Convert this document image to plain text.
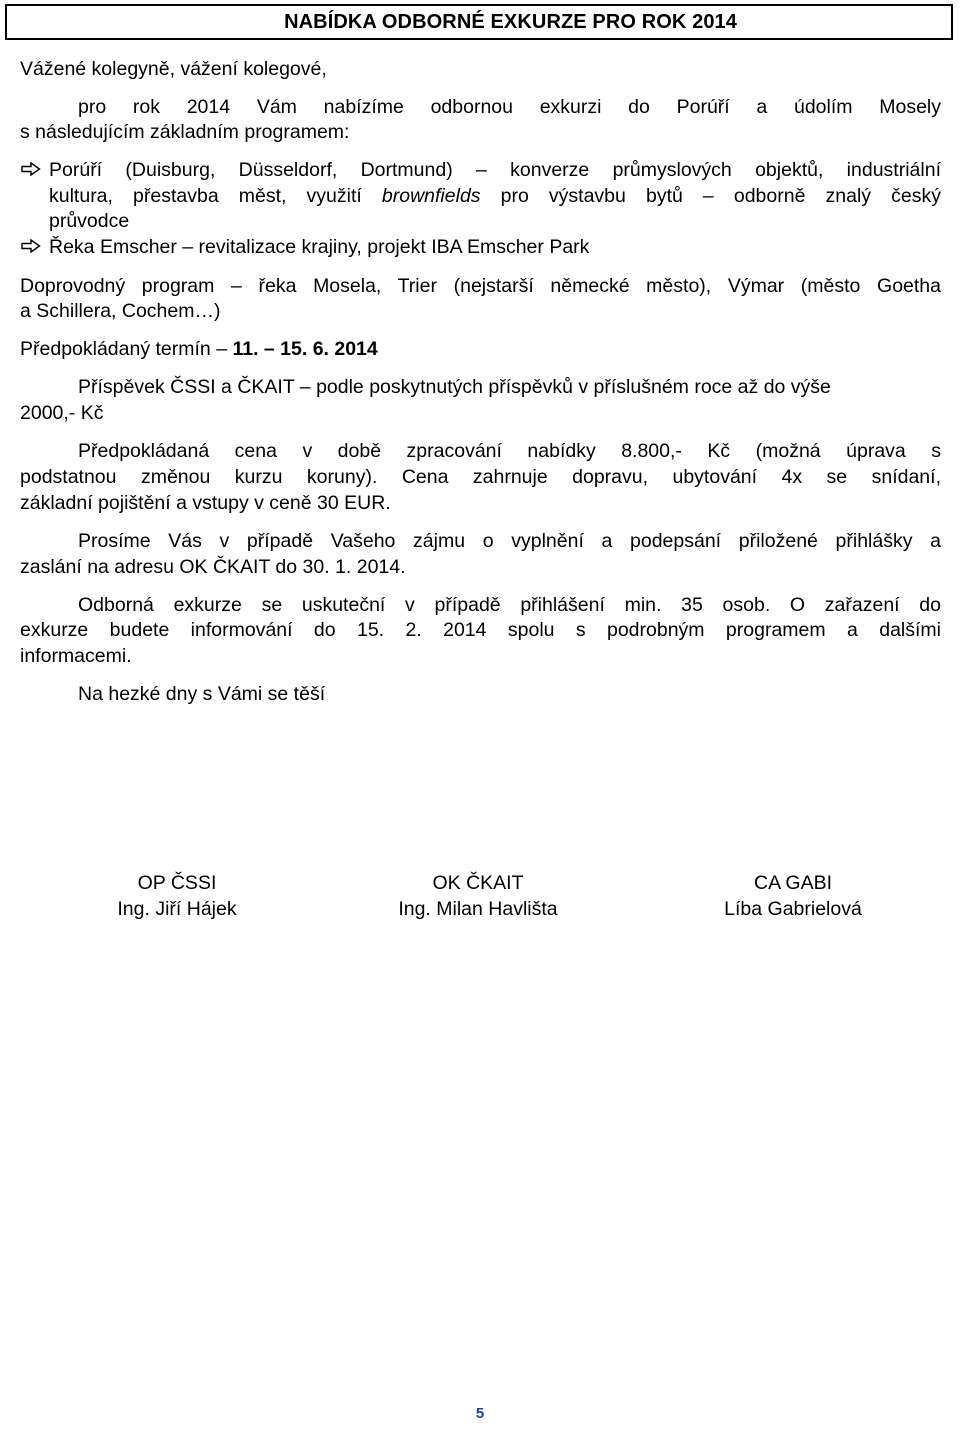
NABÍDKA ODBORNÉ EXKURZE PRO ROK 2014
Vážené kolegyně, vážení kolegové,
pro rok 2014 Vám nabízíme odbornou exkurzi do Porúří a údolím Mosely
s následujícím základním programem:
Porúří (Duisburg, Düsseldorf, Dortmund) – konverze průmyslových objektů, industriální
kultura, přestavba měst, využití brownfields pro výstavbu bytů – odborně znalý český
průvodce
Řeka Emscher – revitalizace krajiny, projekt IBA Emscher Park
Doprovodný program – řeka Mosela, Trier (nejstarší německé město), Výmar (město Goetha
a Schillera, Cochem…)
Předpokládaný termín – 11. – 15. 6. 2014
Příspěvek ČSSI a ČKAIT – podle poskytnutých příspěvků v příslušném roce až do výše
2000,- Kč
Předpokládaná cena v době zpracování nabídky 8.800,- Kč (možná úprava s
podstatnou změnou kurzu koruny). Cena zahrnuje dopravu, ubytování 4x se snídaní,
základní pojištění a vstupy v ceně 30 EUR.
Prosíme Vás v případě Vašeho zájmu o vyplnění a podepsání přiložené přihlášky a
zaslání na adresu OK ČKAIT do 30. 1. 2014.
Odborná exkurze se uskuteční v případě přihlášení min. 35 osob. O zařazení do
exkurze budete informování do 15. 2. 2014 spolu s podrobným programem a dalšími
informacemi.
Na hezké dny s Vámi se těší
OP ČSSI
Ing. Jiří Hájek
OK ČKAIT
Ing. Milan Havlišta
CA GABI
Líba Gabrielová
5
